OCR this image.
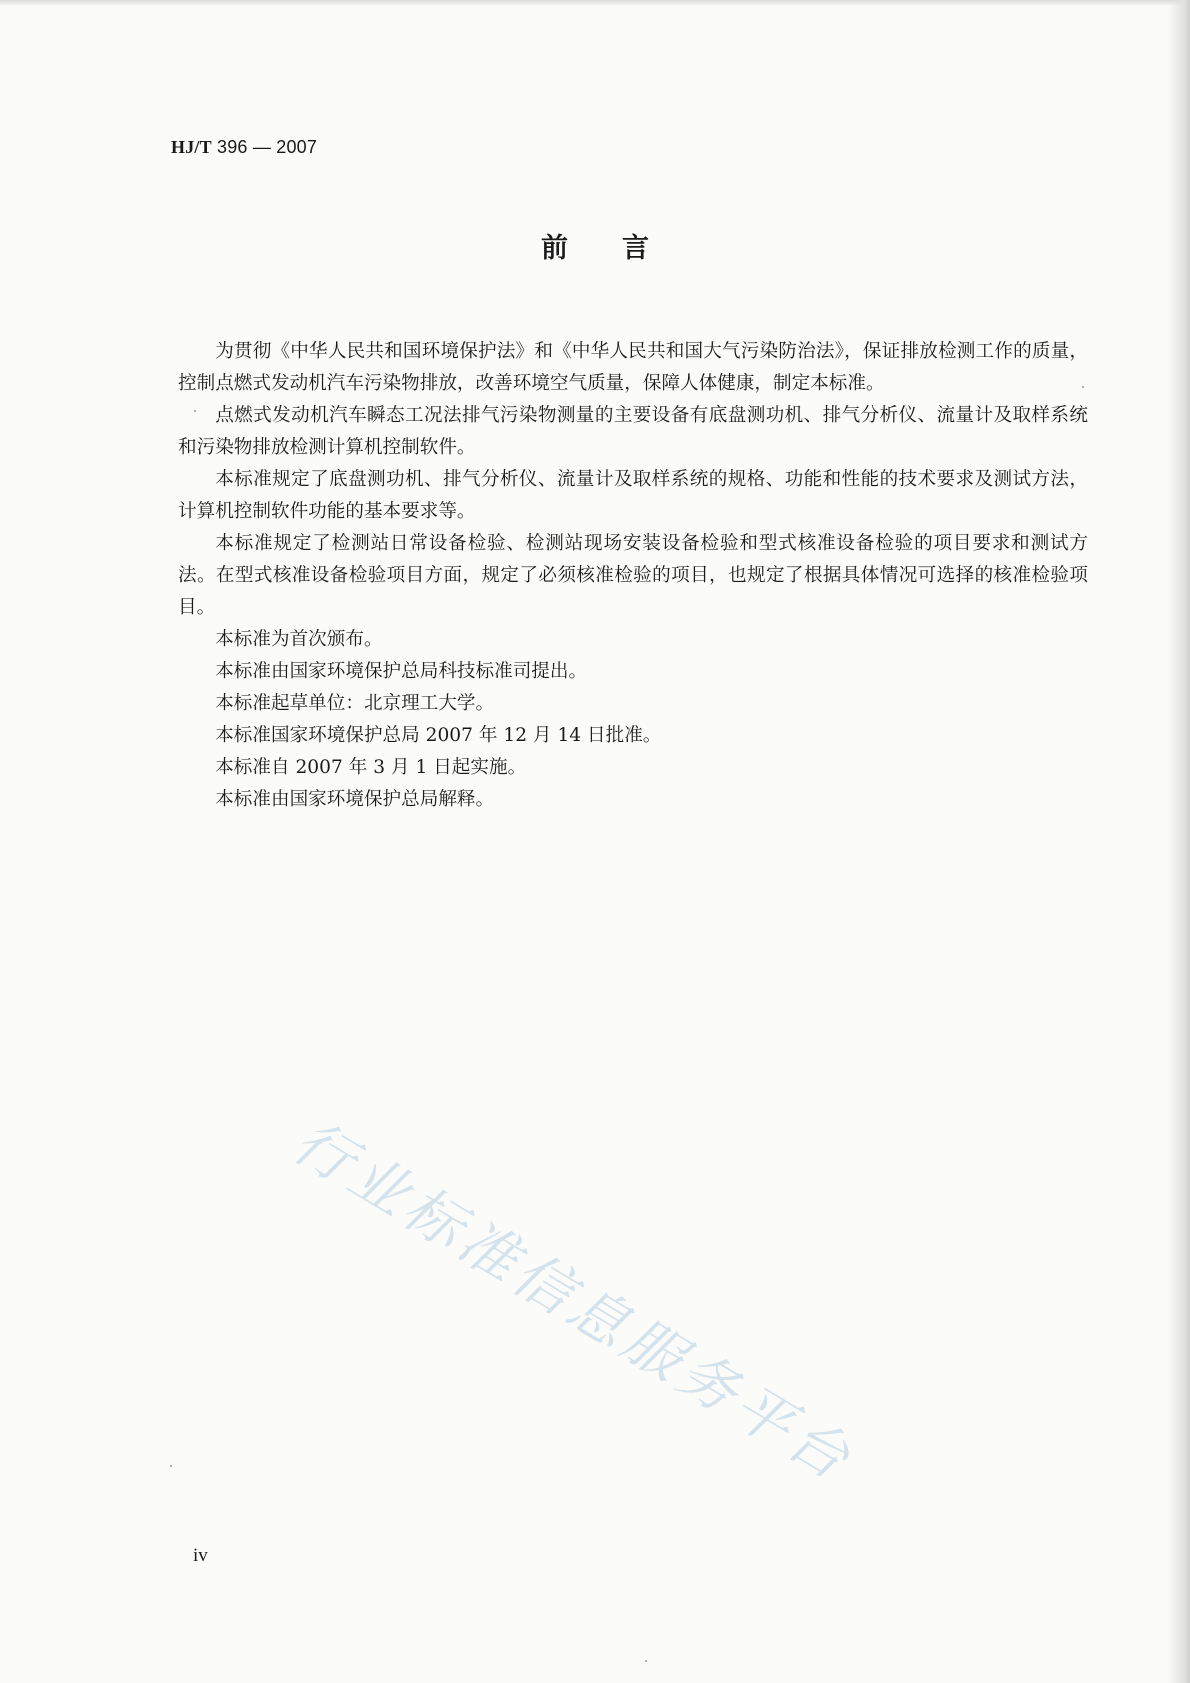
HJ/T 396 — 2007
前言

为贯彻《中华人民共和国环境保护法》和《中华人民共和国大气污染防治法》，保证排放检测工作的质量，控制点燃式发动机汽车污染物排放，改善环境空气质量，保障人体健康，制定本标准。

点燃式发动机汽车瞬态工况法排气污染物测量的主要设备有底盘测功机、排气分析仪、流量计及取样系统和污染物排放检测计算机控制软件。

本标准规定了底盘测功机、排气分析仪、流量计及取样系统的规格、功能和性能的技术要求及测试方法，计算机控制软件功能的基本要求等。

本标准规定了检测站日常设备检验、检测站现场安装设备检验和型式核准设备检验的项目要求和测试方法。在型式核准设备检验项目方面，规定了必须核准检验的项目，也规定了根据具体情况可选择的核准检验项目。

本标准为首次颁布。

本标准由国家环境保护总局科技标准司提出。

本标准起草单位：北京理工大学。

本标准国家环境保护总局 2007 年 12 月 14 日批准。

本标准自 2007 年 3 月 1 日起实施。

本标准由国家环境保护总局解释。

行业标准信息服务平台
iv
